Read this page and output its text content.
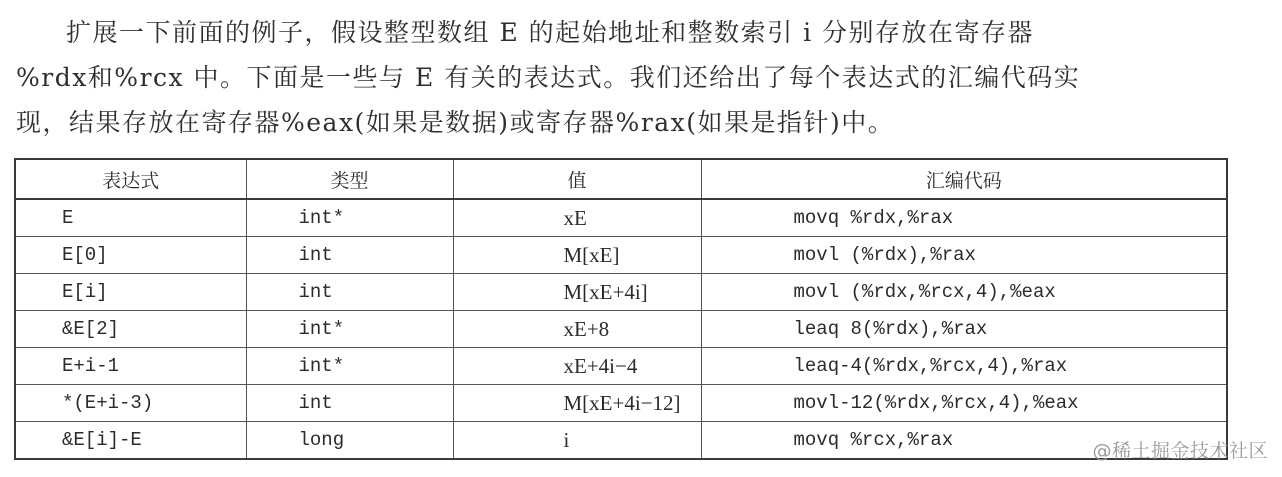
扩展一下前面的例子，假设整型数组 E 的起始地址和整数索引 i 分别存放在寄存器
%rdx和%rcx 中。下面是一些与 E 有关的表达式。我们还给出了每个表达式的汇编代码实
现，结果存放在寄存器%eax(如果是数据)或寄存器%rax(如果是指针)中。
表达式	类型	值	汇编代码
E	int*	xE	movq %rdx,%rax
E[0]	int	M[xE]	movl (%rdx),%rax
E[i]	int	M[xE+4i]	movl (%rdx,%rcx,4),%eax
&E[2]	int*	xE+8	leaq 8(%rdx),%rax
E+i-1	int*	xE+4i−4	leaq-4(%rdx,%rcx,4),%rax
*(E+i-3)	int	M[xE+4i−12]	movl-12(%rdx,%rcx,4),%eax
&E[i]-E	long	i	movq %rcx,%rax	@稀土掘金技术社区
